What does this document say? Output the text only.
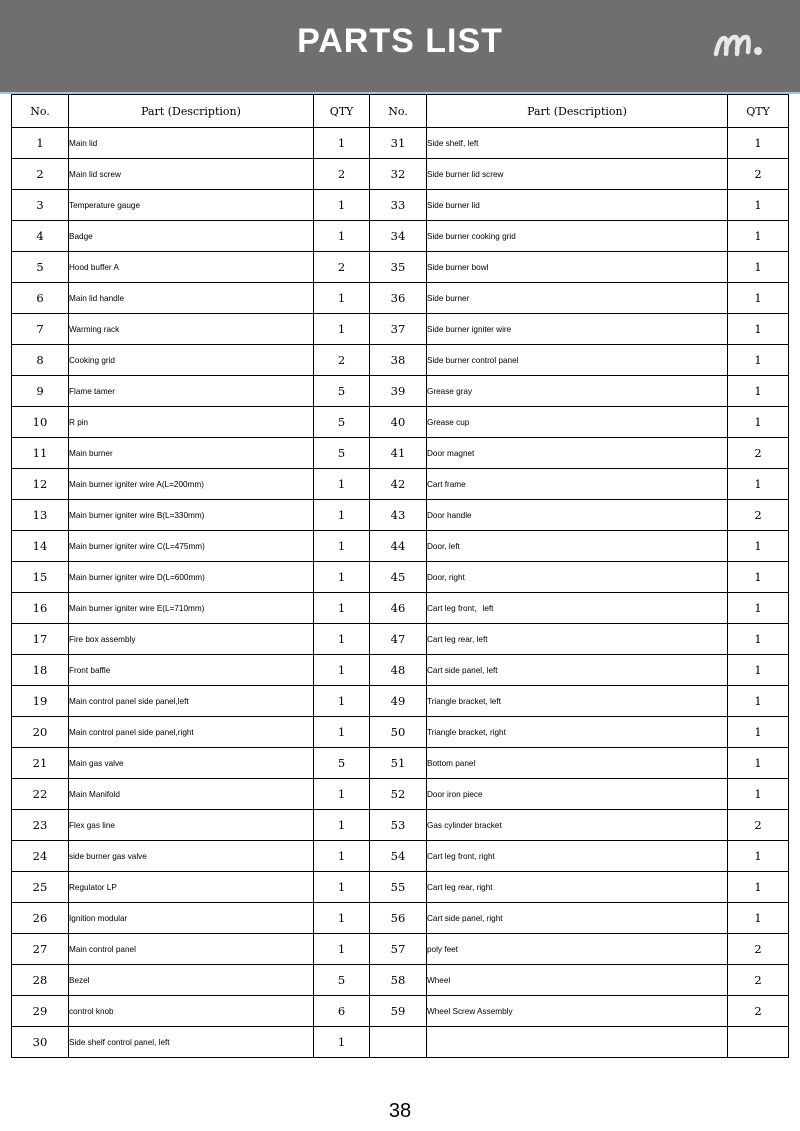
PARTS LIST
No.	Part (Description)	QTY	No.	Part (Description)	QTY
1	Main lid	1	31	Side shelf, left	1
2	Main lid screw	2	32	Side burner lid screw	2
3	Temperature gauge	1	33	Side burner lid	1
4	Badge	1	34	Side burner cooking grid	1
5	Hood buffer A	2	35	Side burner bowl	1
6	Main lid handle	1	36	Side burner	1
7	Warming rack	1	37	Side burner igniter wire	1
8	Cooking grid	2	38	Side burner control panel	1
9	Flame tamer	5	39	Grease gray	1
10	R pin	5	40	Grease cup	1
11	Main burner	5	41	Door magnet	2
12	Main burner igniter wire A(L=200mm)	1	42	Cart frame	1
13	Main burner igniter wire B(L=330mm)	1	43	Door handle	2
14	Main burner igniter wire C(L=475mm)	1	44	Door, left	1
15	Main burner igniter wire D(L=600mm)	1	45	Door, right	1
16	Main burner igniter wire E(L=710mm)	1	46	Cart leg front，left	1
17	Fire box assembly	1	47	Cart leg rear, left	1
18	Front baffle	1	48	Cart side panel, left	1
19	Main control panel side panel,left	1	49	Triangle bracket, left	1
20	Main control panel side panel,right	1	50	Triangle bracket, right	1
21	Main gas valve	5	51	Bottom panel	1
22	Main Manifold	1	52	Door iron piece	1
23	Flex gas line	1	53	Gas cylinder bracket	2
24	side burner gas valve	1	54	Cart leg front, right	1
25	Regulator LP	1	55	Cart leg rear, right	1
26	Ignition modular	1	56	Cart side panel, right	1
27	Main control panel	1	57	poly feet	2
28	Bezel	5	58	Wheel	2
29	control knob	6	59	Wheel Screw Assembly	2
30	Side shelf control panel, left	1			
38
